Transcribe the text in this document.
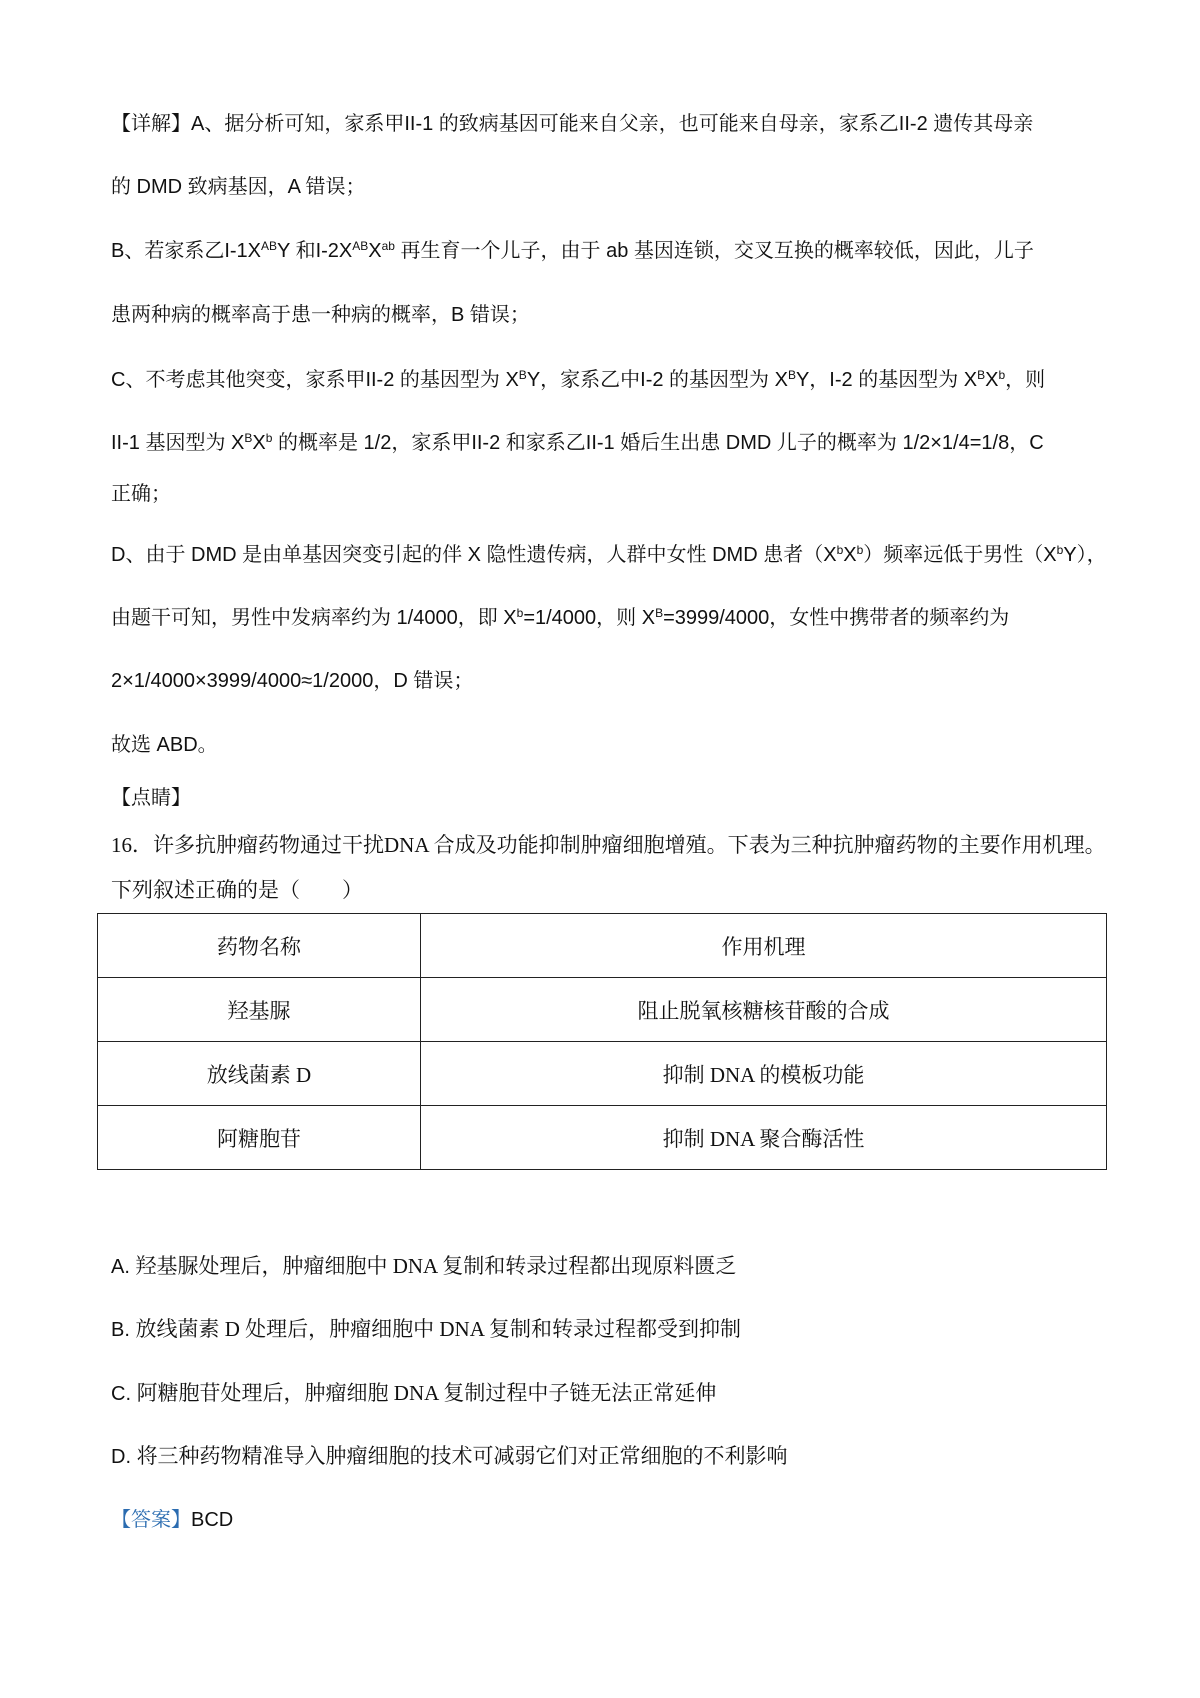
【详解】A、据分析可知，家系甲II-1 的致病基因可能来自父亲，也可能来自母亲，家系乙II-2 遗传其母亲
的 DMD 致病基因，A 错误；
B、若家系乙$I-1X^{AB}Y$ 和$I-2X^{AB}X^{ab}$ 再生育一个儿子，由于 ab 基因连锁，交叉互换的概率较低，因此，儿子
患两种病的概率高于患一种病的概率，B 错误；
C、不考虑其他突变，家系甲II-2 的基因型为 $X^BY$，家系乙中I-2 的基因型为 $X^BY$，I-2 的基因型为 $X^BX^b$，则
II-1 基因型为 $X^BX^b$ 的概率是 1/2，家系甲II-2 和家系乙II-1 婚后生出患 DMD 儿子的概率为 1/2×1/4=1/8，C
正确；
D、由于 DMD 是由单基因突变引起的伴 X 隐性遗传病，人群中女性 DMD 患者$(X^bX^b)$频率远低于男性$(X^bY)$，
由题干可知，男性中发病率约为 1/4000，即 $X^b=1/4000$，则 $X^B=3999/4000$，女性中携带者的频率约为
2×1/4000×3999/4000≈1/2000，D 错误；
故选 ABD。
【点睛】
16．许多抗肿瘤药物通过干扰DNA 合成及功能抑制肿瘤细胞增殖。下表为三种抗肿瘤药物的主要作用机理。
下列叙述正确的是（　　）
药物名称	作用机理
羟基脲	阻止脱氧核糖核苷酸的合成
放线菌素 D	抑制 DNA 的模板功能
阿糖胞苷	抑制 DNA 聚合酶活性
A. 羟基脲处理后，肿瘤细胞中 DNA 复制和转录过程都出现原料匮乏
B. 放线菌素 D 处理后，肿瘤细胞中 DNA 复制和转录过程都受到抑制
C. 阿糖胞苷处理后，肿瘤细胞 DNA 复制过程中子链无法正常延伸
D. 将三种药物精准导入肿瘤细胞的技术可减弱它们对正常细胞的不利影响
【答案】BCD
